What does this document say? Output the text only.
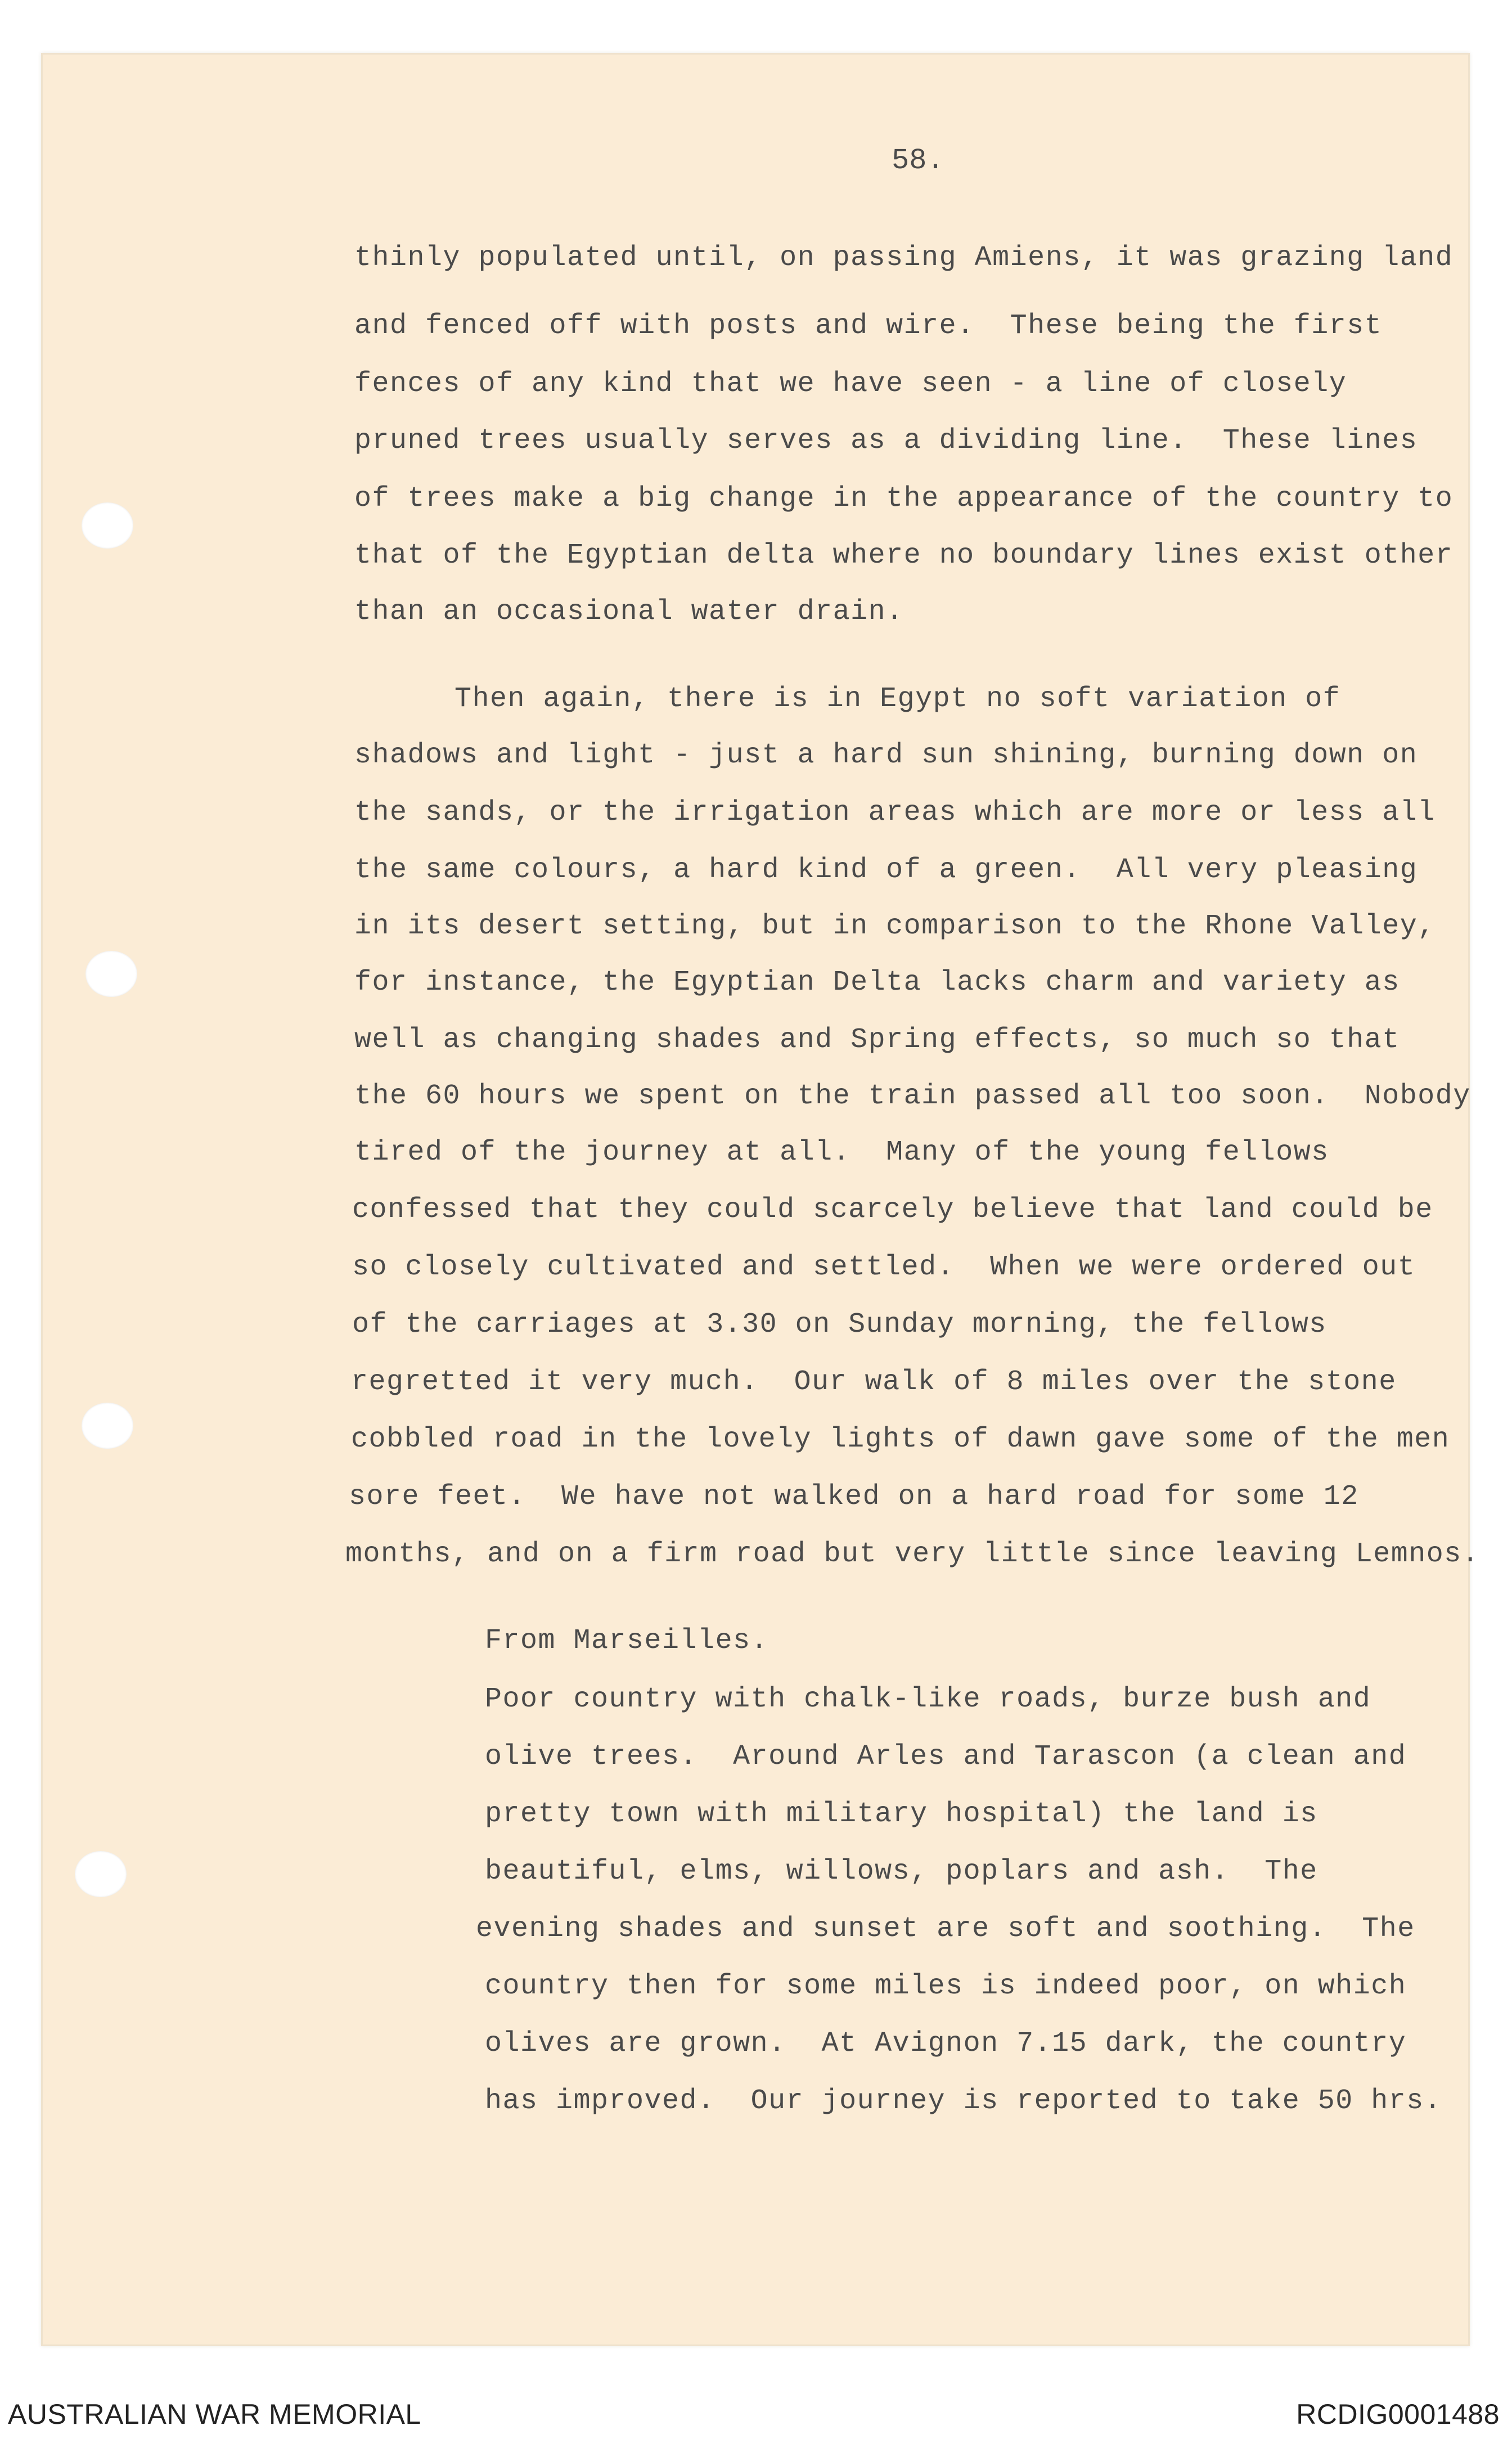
58.

thinly populated until, on passing Amiens, it was grazing land

and fenced off with posts and wire.  These being the first

fences of any kind that we have seen - a line of closely

pruned trees usually serves as a dividing line.  These lines

of trees make a big change in the appearance of the country to

that of the Egyptian delta where no boundary lines exist other

than an occasional water drain.

Then again, there is in Egypt no soft variation of

shadows and light - just a hard sun shining, burning down on

the sands, or the irrigation areas which are more or less all

the same colours, a hard kind of a green.  All very pleasing

in its desert setting, but in comparison to the Rhone Valley,

for instance, the Egyptian Delta lacks charm and variety as

well as changing shades and Spring effects, so much so that

the 60 hours we spent on the train passed all too soon.  Nobody

tired of the journey at all.  Many of the young fellows

confessed that they could scarcely believe that land could be

so closely cultivated and settled.  When we were ordered out

of the carriages at 3.30 on Sunday morning, the fellows

regretted it very much.  Our walk of 8 miles over the stone

cobbled road in the lovely lights of dawn gave some of the men

sore feet.  We have not walked on a hard road for some 12

months, and on a firm road but very little since leaving Lemnos.

From Marseilles.

Poor country with chalk-like roads, burze bush and

olive trees.  Around Arles and Tarascon (a clean and

pretty town with military hospital) the land is

beautiful, elms, willows, poplars and ash.  The

evening shades and sunset are soft and soothing.  The

country then for some miles is indeed poor, on which

olives are grown.  At Avignon 7.15 dark, the country

has improved.  Our journey is reported to take 50 hrs.

AUSTRALIAN WAR MEMORIAL	RCDIG0001488
